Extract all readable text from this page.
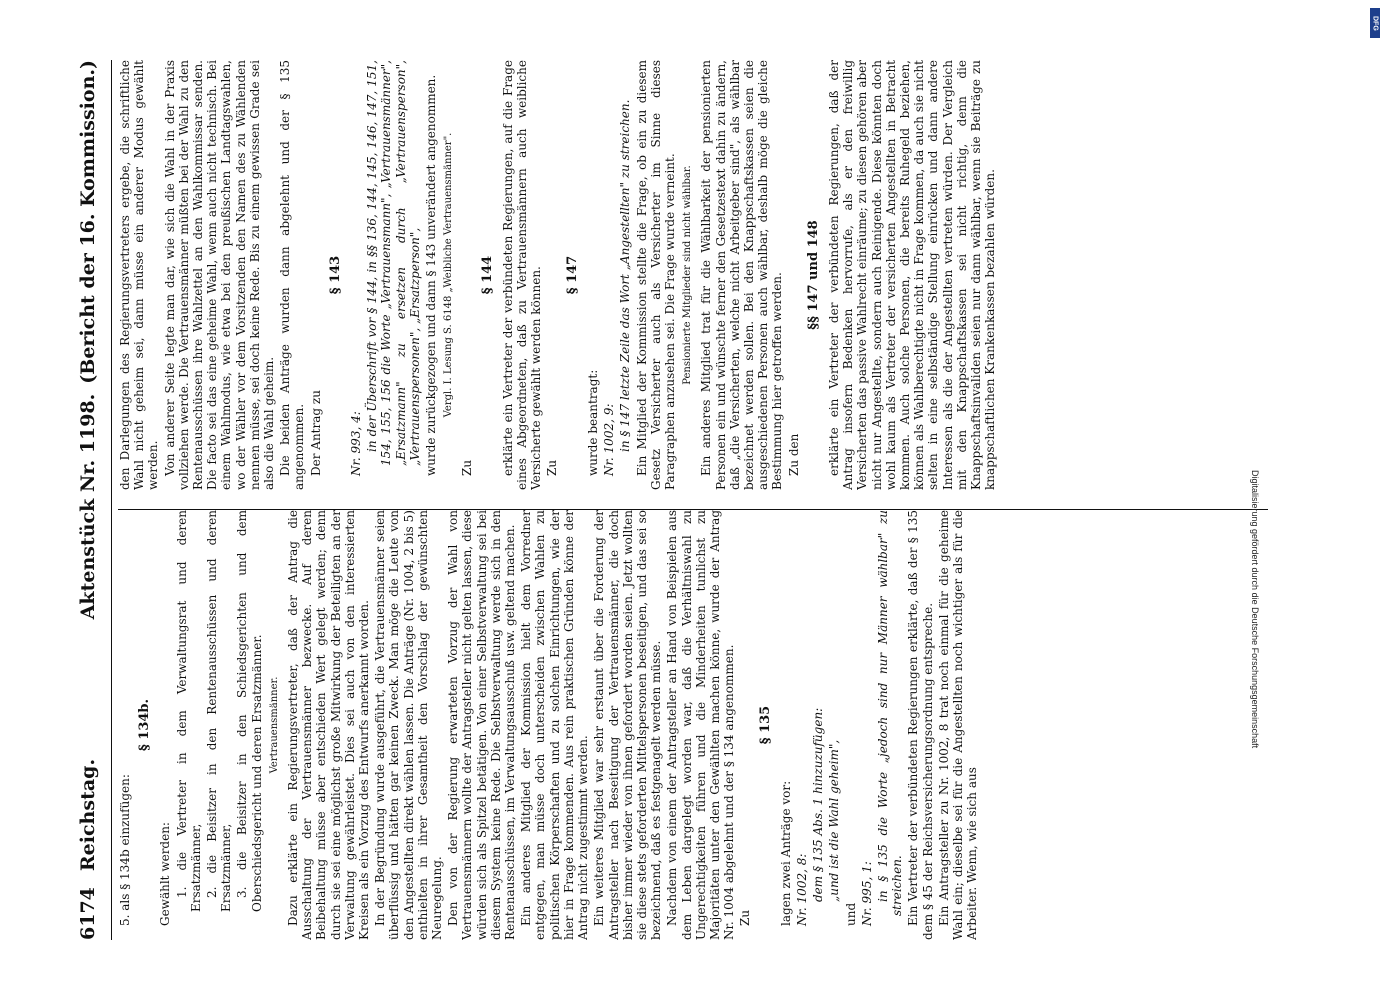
6174
Reichstag.
Aktenstück Nr. 1198.
(Bericht der 16. Kommission.)

5. als § 134b einzufügen:

§ 134b.

Gewählt werden: 1. die Vertreter in dem Verwaltungsrat und deren Ersatzmänner, 2. die Beisitzer in den Rentenausschüssen und deren Ersatzmänner, 3. die Beisitzer in den Schiedsgerichten und dem Oberschiedsgericht und deren Ersatzmänner. Vertrauensmänner. Dazu erklärte ein Regierungsvertreter, daß der Antrag die Ausschaltung der Vertrauensmänner bezwecke. Auf deren Beibehaltung müsse aber entschieden Wert gelegt werden; denn durch sie sei eine möglichst große Mitwirkung der Beteiligten an der Verwaltung gewährleistet. Dies sei auch von den interessierten Kreisen als ein Vorzug des Entwurfs anerkannt worden. In der Begründung wurde ausgeführt, die Vertrauensmänner seien überflüssig und hätten gar keinen Zweck. Man möge die Leute von den Angestellten direkt wählen lassen. Die Anträge (Nr. 1004, 2 bis 5) enthielten in ihrer Gesamtheit den Vorschlag der gewünschten Neuregelung. Den von der Regierung erwarteten Vorzug der Wahl von Vertrauensmännern wollte der Antragsteller nicht gelten lassen, diese würden sich als Spitzel betätigen. Von einer Selbstverwaltung sei bei diesem System keine Rede. Die Selbstverwaltung werde sich in den Rentenausschüssen, im Verwaltungsausschuß usw. geltend machen. Ein anderes Mitglied der Kommission hielt dem Vorredner entgegen, man müsse doch unterscheiden zwischen Wahlen zu politischen Körperschaften und zu solchen Einrichtungen, wie der hier in Frage kommenden. Aus rein praktischen Gründen könne der Antrag nicht zugestimmt werden. Ein weiteres Mitglied war sehr erstaunt über die Forderung der Antragsteller nach Beseitigung der Vertrauensmänner, die doch bisher immer wieder von ihnen gefordert worden seien. Jetzt wollten sie diese stets geforderten Mittelspersonen beseitigen, und das sei so bezeichnend, daß es festgenagelt werden müsse. Nachdem von einem der Antragsteller an Hand von Beispielen aus dem Leben dargelegt worden war, daß die Verhältniswahl zu Ungerechtigkeiten führen und die Minderheiten tunlichst zu Majoritäten unter den Gewählten machen könne, wurde der Antrag Nr. 1004 abgelehnt und der § 134 angenommen. Zu

§ 135

lagen zwei Anträge vor: Nr. 1002, 8: dem § 135 Abs. 1 hinzuzufügen: „und ist die Wahl geheim",

und Nr. 995, 1: in § 135 die Worte „jedoch sind nur Männer wählbar" zu streichen. Ein Vertreter der verbündeten Regierungen erklärte, daß der § 135 dem § 45 der Reichsversicherungsordnung entspreche. Ein Antragsteller zu Nr. 1002, 8 trat noch einmal für die geheime Wahl ein; dieselbe sei für die Angestellten noch wichtiger als für die Arbeiter. Wenn, wie sich aus

den Darlegungen des Regierungsvertreters ergebe, die schriftliche Wahl nicht geheim sei, dann müsse ein anderer Modus gewählt werden. Von anderer Seite legte man dar, wie sich die Wahl in der Praxis vollziehen werde. Die Vertrauensmänner müßten bei der Wahl zu den Rentenausschüssen ihre Wahlzettel an den Wahlkommissar senden. Die facto sei das eine geheime Wahl, wenn auch nicht technisch. Bei einem Wahlmodus, wie etwa bei den preußischen Landtagswahlen, wo der Wähler vor dem Vorsitzenden den Namen des zu Wählenden nennen müsse, sei doch keine Rede. Bis zu einem gewissen Grade sei also die Wahl geheim. Die beiden Anträge wurden dann abgelehnt und der § 135 angenommen. Der Antrag zu

§ 143

Nr. 993, 4: in der Überschrift vor § 144, in §§ 136, 144, 145, 146, 147, 151, 154, 155, 156 die Worte „Vertrauensmann", „Vertrauensmänner", „Ersatzmann" zu ersetzen durch „Vertrauensperson", „Vertrauenspersonen", „Ersatzperson", wurde zurückgezogen und dann § 143 unverändert angenommen. Vergl. I. Lesung S. 6148 „Weibliche Vertrauensmänner".

Zu

§ 144 erklärte ein Vertreter der verbündeten Regierungen, auf die Frage eines Abgeordneten, daß zu Vertrauensmännern auch weibliche Versicherte gewählt werden können. Zu

§ 147

wurde beantragt: Nr. 1002, 9: in § 147 letzte Zeile das Wort „Angestellten" zu streichen. Ein Mitglied der Kommission stellte die Frage, ob ein zu diesem Gesetz Versicherter auch als Versicherter im Sinne dieses Paragraphen anzusehen sei. Die Frage wurde verneint. Pensionierte Mitglieder sind nicht wählbar. Ein anderes Mitglied trat für die Wählbarkeit der pensionierten Personen ein und wünschte ferner den Gesetzestext dahin zu ändern, daß „die Versicherten, welche nicht Arbeitgeber sind", als wählbar bezeichnet werden sollen. Bei den Knappschaftskassen seien die ausgeschiedenen Personen auch wählbar, deshalb möge die gleiche Bestimmung hier getroffen werden. Zu den

§§ 147 und 148 erklärte ein Vertreter der verbündeten Regierungen, daß der Antrag insofern Bedenken hervorrufe, als er den freiwillig Versicherten das passive Wahlrecht einräume; zu diesen gehören aber nicht nur Angestellte, sondern auch Reinigende. Diese könnten doch wohl kaum als Vertreter der versicherten Angestellten in Betracht kommen. Auch solche Personen, die bereits Ruhegeld beziehen, können als Wahlberechtigte nicht in Frage kommen, da auch sie nicht selten in eine selbständige Stellung einrücken und dann andere Interessen als die der Angestellten vertreten würden. Der Vergleich mit den Knappschaftskassen sei nicht richtig, denn die Knappschaftsinvaliden seien nur dann wählbar, wenn sie Beiträge zu knappschaftlichen Krankenkassen bezahlen würden.

Digitalisierung gefördert durch die Deutsche Forschungsgemeinschaft
DFG
